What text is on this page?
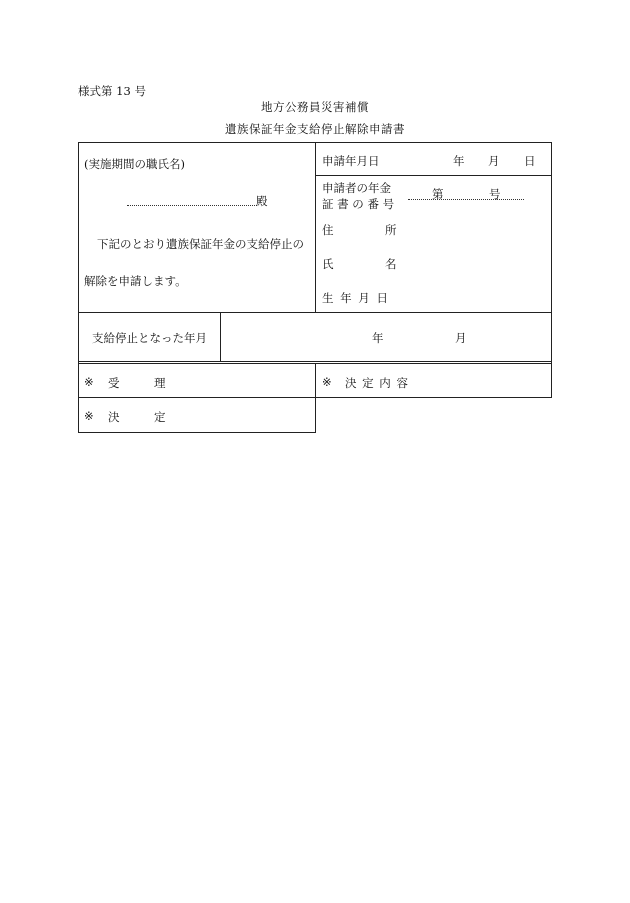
様式第 13 号
地方公務員災害補償
遺族保証年金支給停止解除申請書
(実施期間の職氏名)
殿
下記のとおり遺族保証年金の支給停止の
解除を申請します。
申請年月日	年 月 日
申請者の年金
証 書 の 番 号
第	号
住	所
氏	名
生 年 月 日
支給停止となった年月	年	月
※ 受　　　理	※ 決 定 内 容
※ 決　　　定
